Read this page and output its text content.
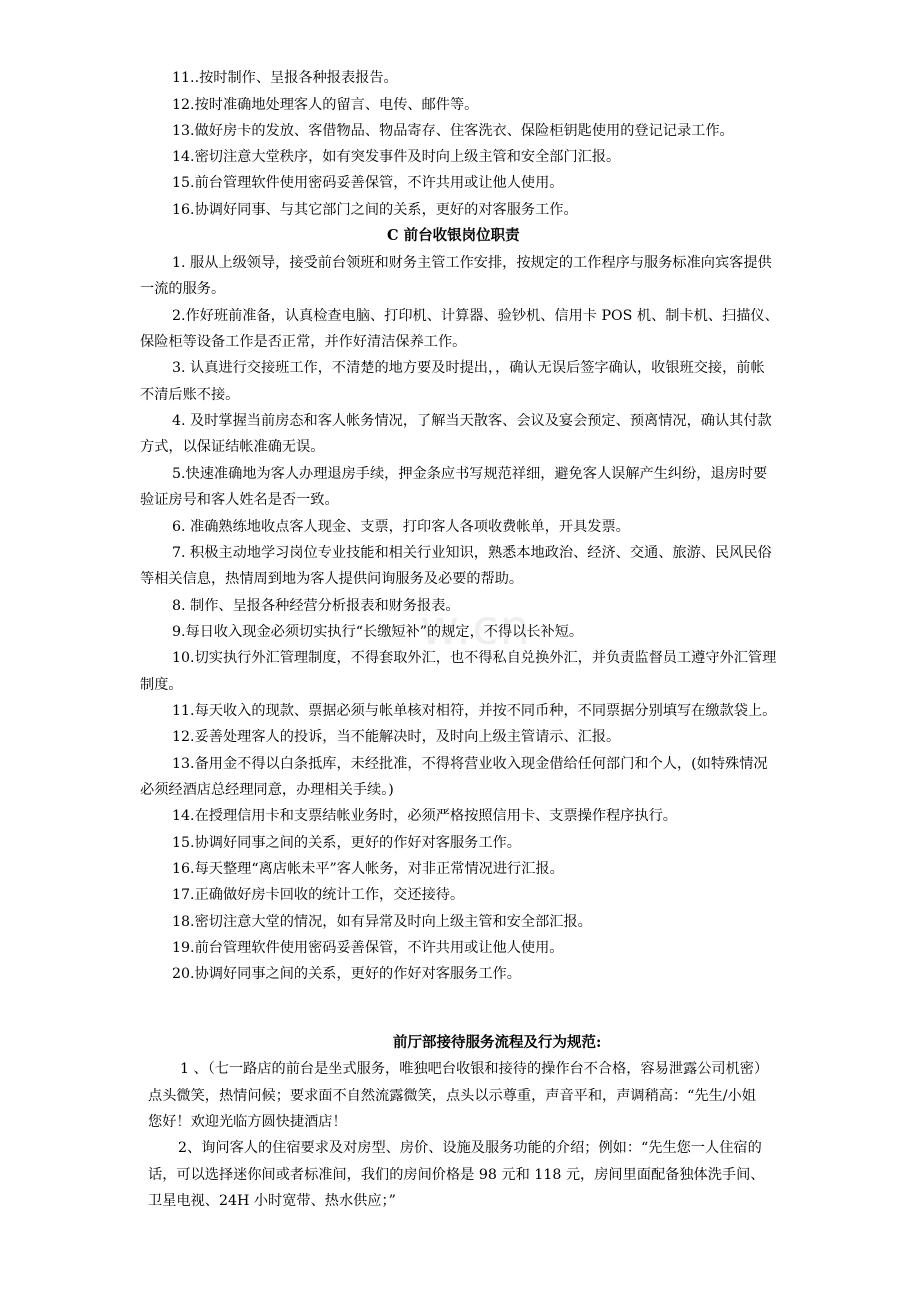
w.cn
11..按时制作、呈报各种报表报告。
12.按时准确地处理客人的留言、电传、邮件等。
13.做好房卡的发放、客借物品、物品寄存、住客洗衣、保险柜钥匙使用的登记记录工作。
14.密切注意大堂秩序，如有突发事件及时向上级主管和安全部门汇报。
15.前台管理软件使用密码妥善保管，不许共用或让他人使用。
16.协调好同事、与其它部门之间的关系，更好的对客服务工作。
C 前台收银岗位职责
1. 服从上级领导，接受前台领班和财务主管工作安排，按规定的工作程序与服务标准向宾客提供
一流的服务。
2.作好班前准备，认真检查电脑、打印机、计算器、验钞机、信用卡 POS 机、制卡机、扫描仪、
保险柜等设备工作是否正常，并作好清洁保养工作。
3. 认真进行交接班工作，不清楚的地方要及时提出，，确认无误后签字确认，收银班交接，前帐
不清后账不接。
4. 及时掌握当前房态和客人帐务情况，了解当天散客、会议及宴会预定、预离情况，确认其付款
方式，以保证结帐准确无误。
5.快速准确地为客人办理退房手续，押金条应书写规范祥细，避免客人误解产生纠纷，退房时要
验证房号和客人姓名是否一致。
6. 准确熟练地收点客人现金、支票，打印客人各项收费帐单，开具发票。
7. 积极主动地学习岗位专业技能和相关行业知识，熟悉本地政治、经济、交通、旅游、民风民俗
等相关信息，热情周到地为客人提供问询服务及必要的帮助。
8. 制作、呈报各种经营分析报表和财务报表。
9.每日收入现金必须切实执行“长缴短补”的规定，不得以长补短。
10.切实执行外汇管理制度，不得套取外汇，也不得私自兑换外汇，并负责监督员工遵守外汇管理
制度。
11.每天收入的现款、票据必须与帐单核对相符，并按不同币种，不同票据分别填写在缴款袋上。
12.妥善处理客人的投诉，当不能解决时，及时向上级主管请示、汇报。
13.备用金不得以白条抵库，未经批准，不得将营业收入现金借给任何部门和个人，(如特殊情况
必须经酒店总经理同意，办理相关手续。)
14.在授理信用卡和支票结帐业务时，必须严格按照信用卡、支票操作程序执行。
15.协调好同事之间的关系，更好的作好对客服务工作。
16.每天整理“离店帐未平”客人帐务，对非正常情况进行汇报。
17.正确做好房卡回收的统计工作，交还接待。
18.密切注意大堂的情况，如有异常及时向上级主管和安全部汇报。
19.前台管理软件使用密码妥善保管，不许共用或让他人使用。
20.协调好同事之间的关系，更好的作好对客服务工作。
前厅部接待服务流程及行为规范:
1 、（七一路店的前台是坐式服务，唯独吧台收银和接待的操作台不合格，容易泄露公司机密）
点头微笑，热情问候；要求面不自然流露微笑，点头以示尊重，声音平和，声调稍高：“先生/小姐
您好！欢迎光临方圆快捷酒店！
2、询问客人的住宿要求及对房型、房价、设施及服务功能的介绍；例如：“先生您一人住宿的
话，可以选择迷你间或者标准间，我们的房间价格是 98 元和 118 元，房间里面配备独体洗手间、
卫星电视、24H 小时宽带、热水供应；”
